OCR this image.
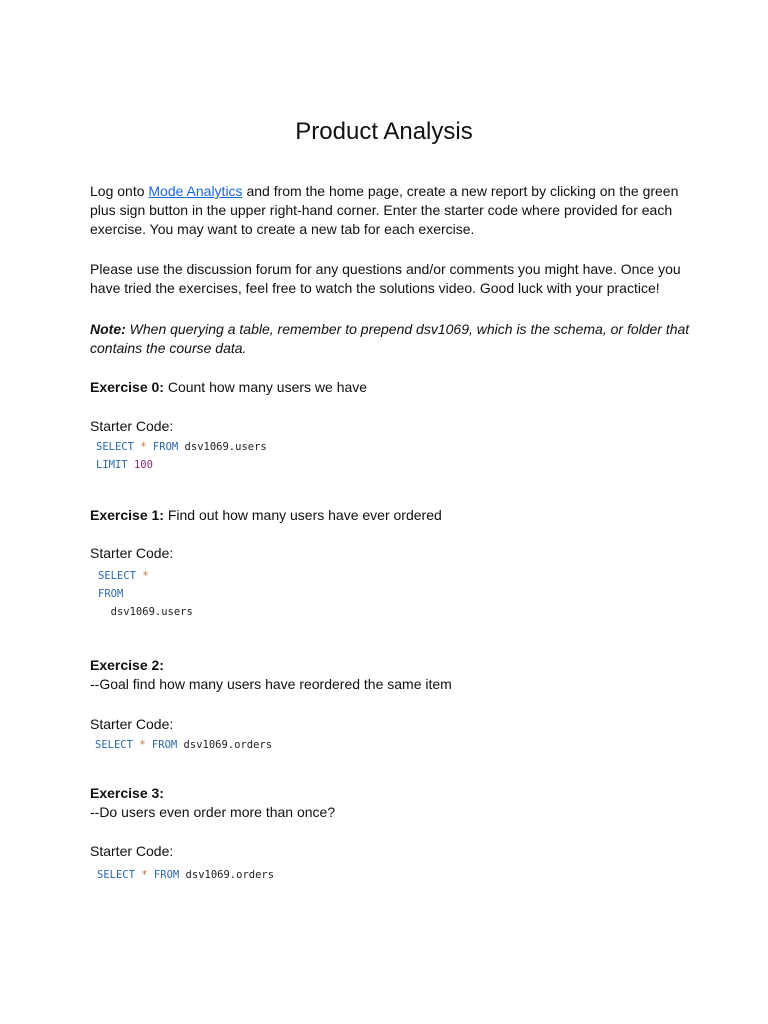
Product Analysis

Log onto Mode Analytics and from the home page, create a new report by clicking on the green plus sign button in the upper right-hand corner. Enter the starter code where provided for each exercise. You may want to create a new tab for each exercise.

Please use the discussion forum for any questions and/or comments you might have. Once you have tried the exercises, feel free to watch the solutions video. Good luck with your practice!

Note: When querying a table, remember to prepend dsv1069, which is the schema, or folder that contains the course data.

Exercise 0: Count how many users we have

Starter Code:

SELECT * FROM dsv1069.users
LIMIT 100

Exercise 1: Find out how many users have ever ordered

Starter Code:

SELECT *
FROM
dsv1069.users

Exercise 2:
--Goal find how many users have reordered the same item

Starter Code:

SELECT * FROM dsv1069.orders

Exercise 3:
--Do users even order more than once?

Starter Code:

SELECT * FROM dsv1069.orders
